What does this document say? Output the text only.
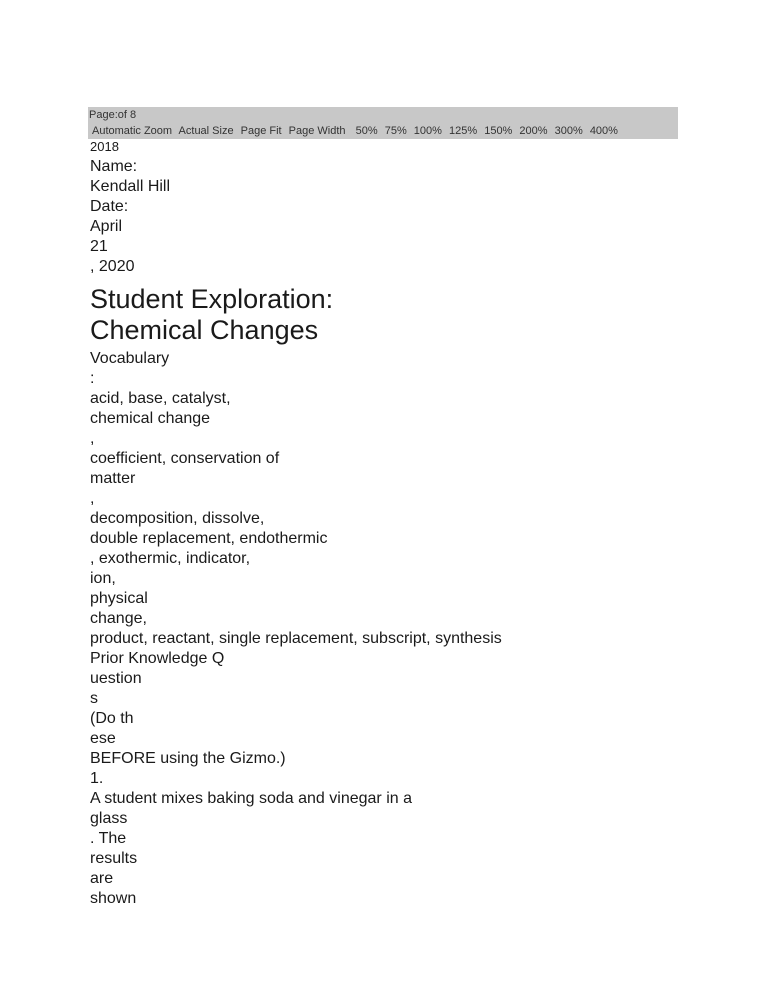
Page:of 8
Automatic Zoom Actual Size Page Fit Page Width 50% 75% 100% 125% 150% 200% 300% 400%
2018
Name:
Kendall Hill
Date:
April
21
, 2020
Student Exploration:
Chemical Changes
Vocabulary
:
acid, base, catalyst,
chemical change
,
coefficient, conservation of
matter
,
decomposition, dissolve,
double replacement, endothermic
, exothermic, indicator,
ion,
physical
change,
product, reactant, single replacement, subscript, synthesis
Prior Knowledge Q
uestion
s
(Do th
ese
BEFORE using the Gizmo.)
1.
A student mixes baking soda and vinegar in a
glass
. The
results
are
shown
